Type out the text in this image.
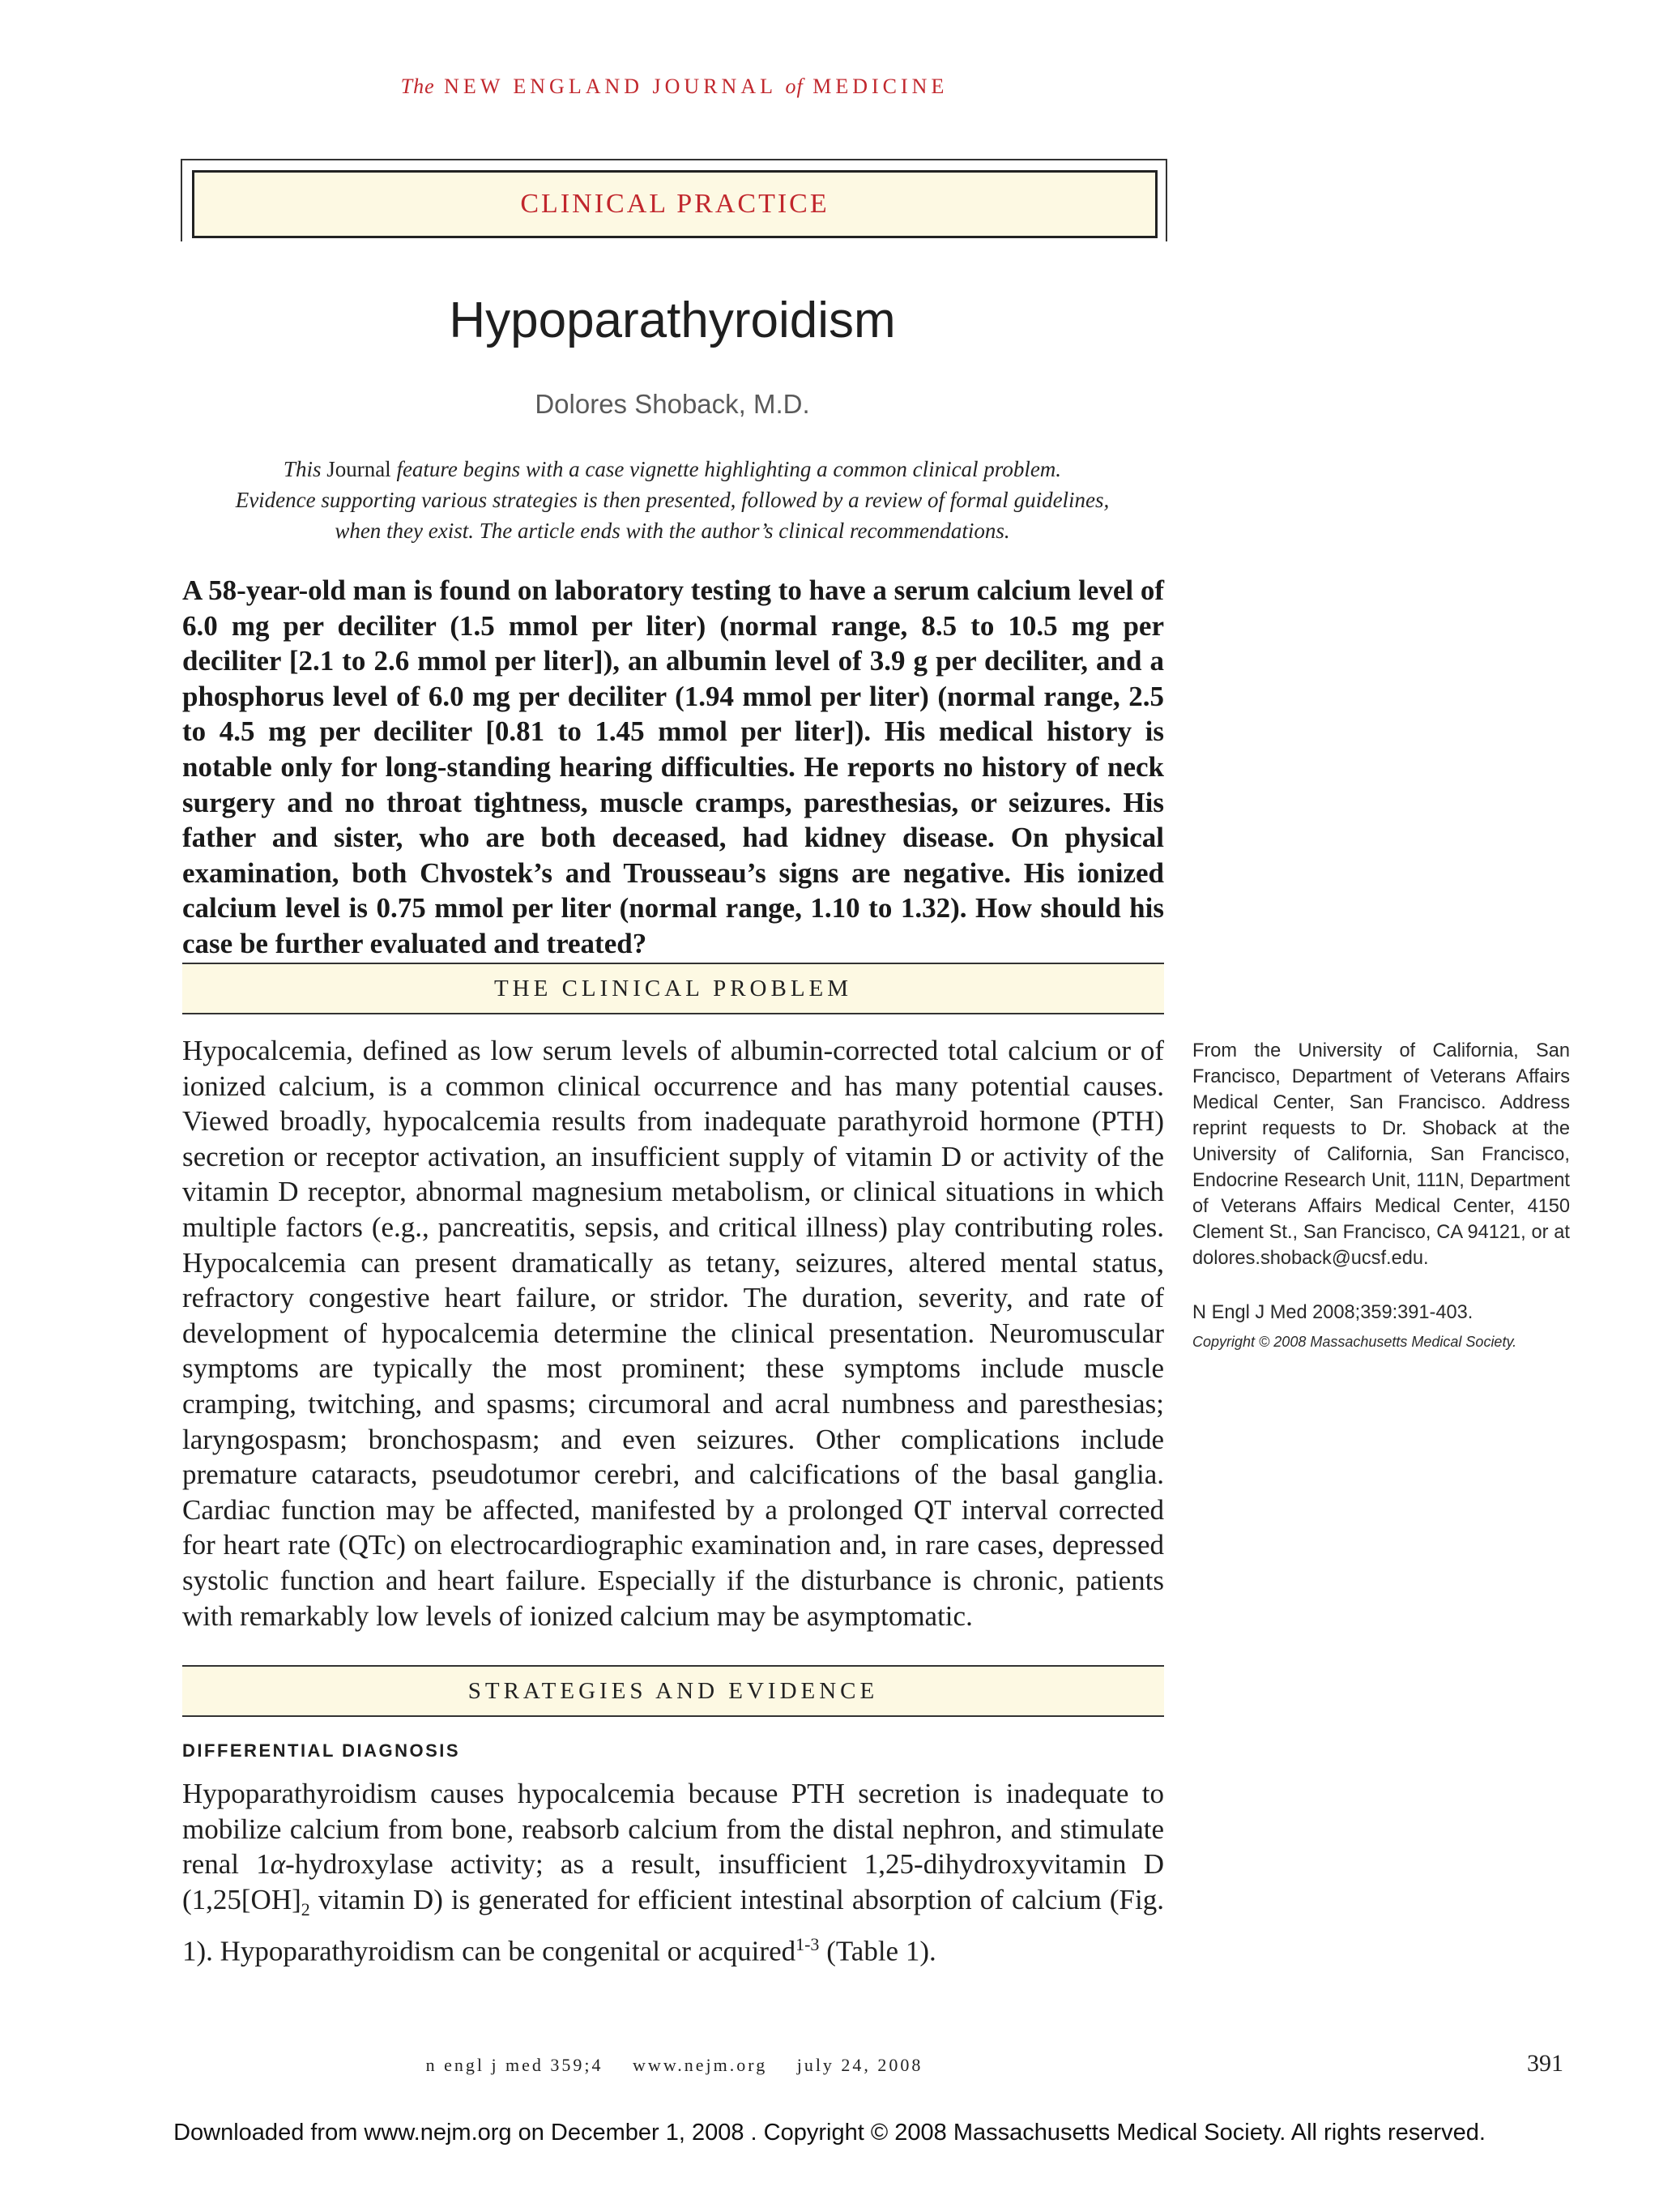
The NEW ENGLAND JOURNAL of MEDICINE
CLINICAL PRACTICE
Hypoparathyroidism
Dolores Shoback, M.D.
This Journal feature begins with a case vignette highlighting a common clinical problem.
Evidence supporting various strategies is then presented, followed by a review of formal guidelines,
when they exist. The article ends with the author’s clinical recommendations.
A 58-year-old man is found on laboratory testing to have a serum calcium level of 6.0 mg per deciliter (1.5 mmol per liter) (normal range, 8.5 to 10.5 mg per deciliter [2.1 to 2.6 mmol per liter]), an albumin level of 3.9 g per deciliter, and a phosphorus level of 6.0 mg per deciliter (1.94 mmol per liter) (normal range, 2.5 to 4.5 mg per deciliter [0.81 to 1.45 mmol per liter]). His medical history is notable only for long-standing hearing difficulties. He reports no history of neck surgery and no throat tightness, muscle cramps, paresthesias, or seizures. His father and sister, who are both deceased, had kidney disease. On physical examination, both Chvostek’s and Trousseau’s signs are negative. His ionized calcium level is 0.75 mmol per liter (normal range, 1.10 to 1.32). How should his case be further evaluated and treated?
THE CLINICAL PROBLEM
Hypocalcemia, defined as low serum levels of albumin-corrected total calcium or of ionized calcium, is a common clinical occurrence and has many potential causes. Viewed broadly, hypocalcemia results from inadequate parathyroid hormone (PTH) secretion or receptor activation, an insufficient supply of vitamin D or activity of the vitamin D receptor, abnormal magnesium metabolism, or clinical situations in which multiple factors (e.g., pancreatitis, sepsis, and critical illness) play contributing roles. Hypocalcemia can present dramatically as tetany, seizures, altered mental status, refractory congestive heart failure, or stridor. The duration, severity, and rate of development of hypocalcemia determine the clinical presentation. Neuromuscular symptoms are typically the most prominent; these symptoms include muscle cramping, twitching, and spasms; circumoral and acral numbness and paresthesias; laryngospasm; bronchospasm; and even seizures. Other complications include premature cataracts, pseudotumor cerebri, and calcifications of the basal ganglia. Cardiac function may be affected, manifested by a prolonged QT interval corrected for heart rate (QTc) on electrocardiographic examination and, in rare cases, depressed systolic function and heart failure. Especially if the disturbance is chronic, patients with remarkably low levels of ionized calcium may be asymptomatic.
From the University of California, San Francisco, Department of Veterans Affairs Medical Center, San Francisco. Address reprint requests to Dr. Shoback at the University of California, San Francisco, Endocrine Research Unit, 111N, Department of Veterans Affairs Medical Center, 4150 Clement St., San Francisco, CA 94121, or at dolores.shoback@ucsf.edu.
N Engl J Med 2008;359:391-403.
Copyright © 2008 Massachusetts Medical Society.
STRATEGIES AND EVIDENCE
DIFFERENTIAL DIAGNOSIS
Hypoparathyroidism causes hypocalcemia because PTH secretion is inadequate to mobilize calcium from bone, reabsorb calcium from the distal nephron, and stimulate renal 1α-hydroxylase activity; as a result, insufficient 1,25-dihydroxyvitamin D ($1,25[OH]_2$ vitamin D) is generated for efficient intestinal absorption of calcium (Fig. 1). Hypoparathyroidism can be congenital or acquired$^{1-3}$ (Table 1).
n engl j med 359;4 www.nejm.org july 24, 2008	391
Downloaded from www.nejm.org on December 1, 2008 . Copyright © 2008 Massachusetts Medical Society. All rights reserved.
